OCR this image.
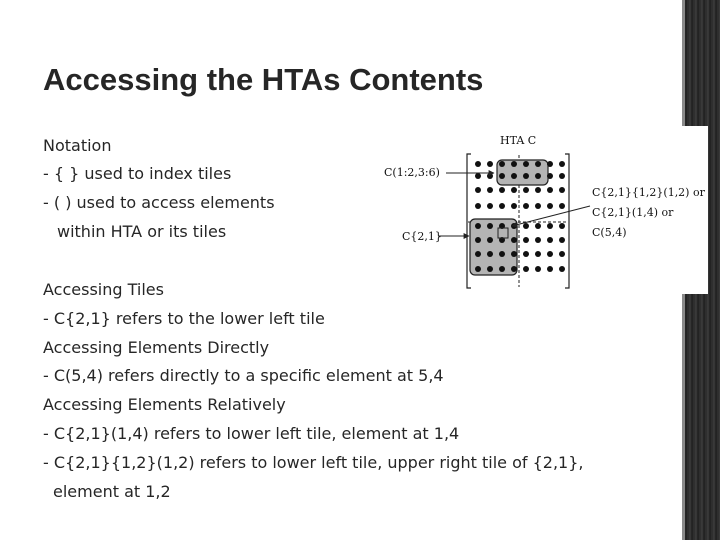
Accessing the HTAs Contents
Notation
- { } used to index tiles
- ( ) used to access elements
within HTA or its tiles
Accessing Tiles
- C{2,1} refers to the lower left tile
Accessing Elements Directly
- C(5,4) refers directly to a specific element at 5,4
Accessing Elements Relatively
- C{2,1}(1,4) refers to lower left tile, element at 1,4
- C{2,1}{1,2}(1,2) refers to lower left tile, upper right tile of {2,1},
element at 1,2
HTA C
C(1:2,3:6)
C{2,1}
C{2,1}{1,2}(1,2) or
C{2,1}(1,4) or
C(5,4)
